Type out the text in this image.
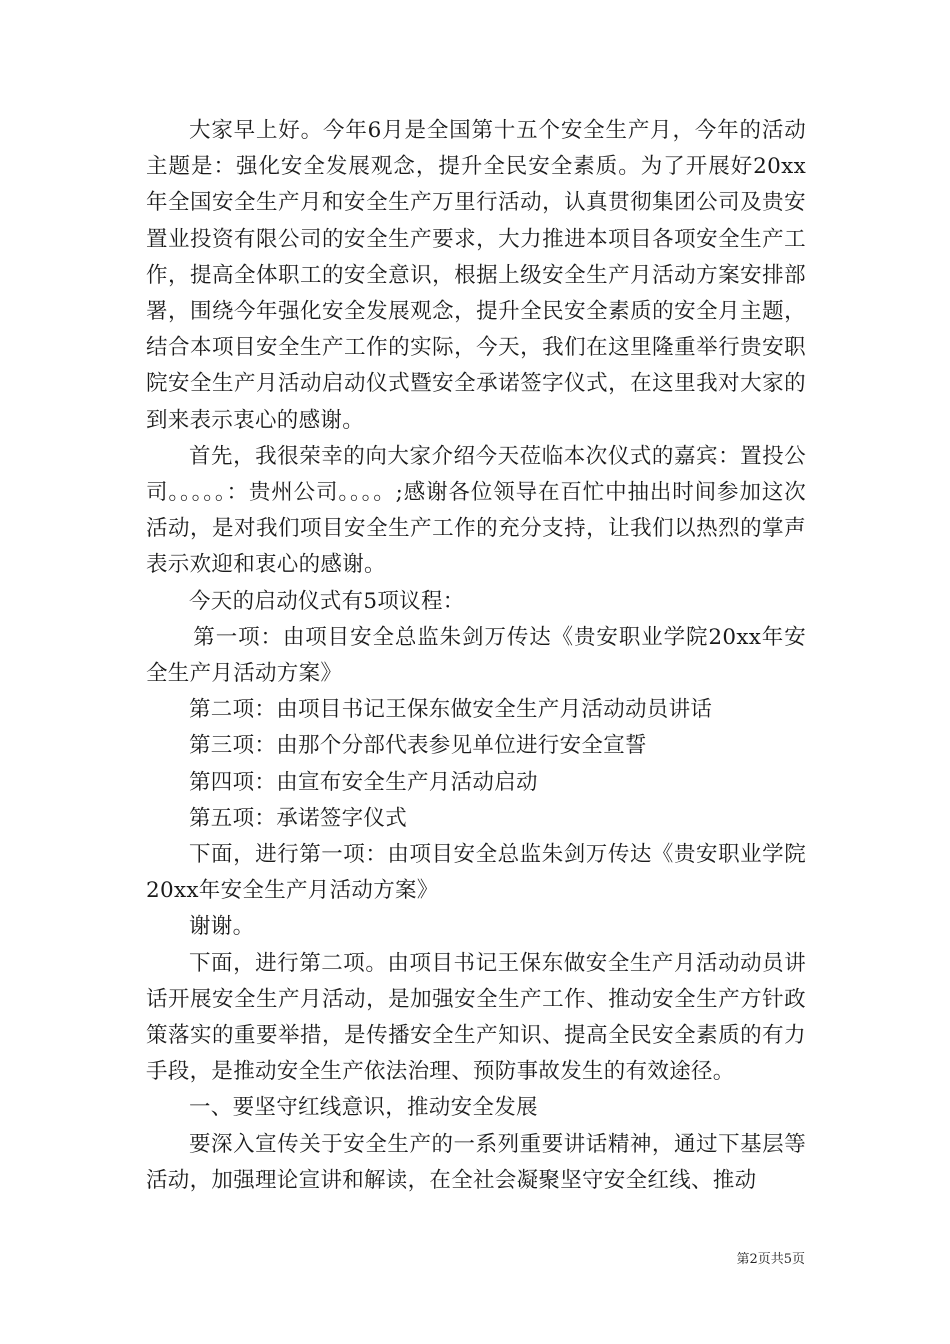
大家早上好。今年6月是全国第十五个安全生产月，今年的活动主题是：强化安全发展观念，提升全民安全素质。为了开展好20xx年全国安全生产月和安全生产万里行活动，认真贯彻集团公司及贵安置业投资有限公司的安全生产要求，大力推进本项目各项安全生产工作，提高全体职工的安全意识，根据上级安全生产月活动方案安排部署，围绕今年强化安全发展观念，提升全民安全素质的安全月主题，结合本项目安全生产工作的实际，今天，我们在这里隆重举行贵安职院安全生产月活动启动仪式暨安全承诺签字仪式，在这里我对大家的到来表示衷心的感谢。

首先，我很荣幸的向大家介绍今天莅临本次仪式的嘉宾：置投公司。。。。。：贵州公司。。。。;感谢各位领导在百忙中抽出时间参加这次活动，是对我们项目安全生产工作的充分支持，让我们以热烈的掌声表示欢迎和衷心的感谢。

今天的启动仪式有5项议程：

第一项：由项目安全总监朱剑万传达《贵安职业学院20xx年安全生产月活动方案》

第二项：由项目书记王保东做安全生产月活动动员讲话

第三项：由那个分部代表参见单位进行安全宣誓

第四项：由宣布安全生产月活动启动

第五项：承诺签字仪式

下面，进行第一项：由项目安全总监朱剑万传达《贵安职业学院20xx年安全生产月活动方案》

谢谢。

下面，进行第二项。由项目书记王保东做安全生产月活动动员讲话开展安全生产月活动，是加强安全生产工作、推动安全生产方针政策落实的重要举措，是传播安全生产知识、提高全民安全素质的有力手段，是推动安全生产依法治理、预防事故发生的有效途径。

一、要坚守红线意识，推动安全发展

要深入宣传关于安全生产的一系列重要讲话精神，通过下基层等活动，加强理论宣讲和解读，在全社会凝聚坚守安全红线、推动

第2页共5页
